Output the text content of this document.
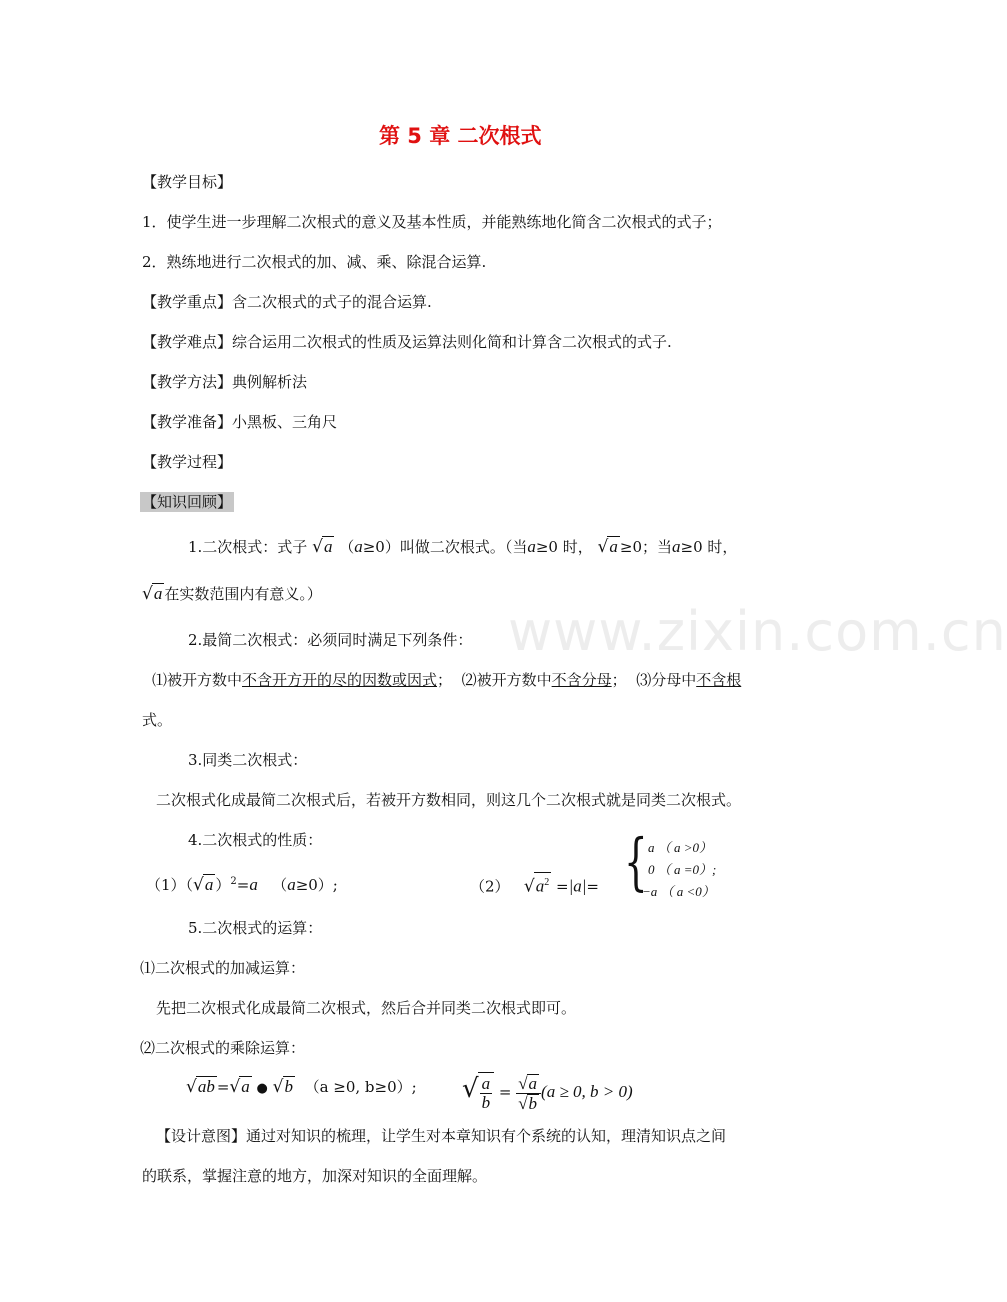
www.zixin.com.cn
第 5 章 二次根式
【教学目标】
1．使学生进一步理解二次根式的意义及基本性质，并能熟练地化简含二次根式的式子；
2．熟练地进行二次根式的加、减、乘、除混合运算.
【教学重点】含二次根式的式子的混合运算.
【教学难点】综合运用二次根式的性质及运算法则化简和计算含二次根式的式子.
【教学方法】典例解析法
【教学准备】小黑板、三角尺
【教学过程】
【知识回顾】
1.二次根式：式子 √a （a≥0）叫做二次根式。（当a≥0 时， √a ≥0；当a≥0 时，
√a 在实数范围内有意义。）
2.最简二次根式：必须同时满足下列条件：
⑴被开方数中不含开方开的尽的因数或因式； ⑵被开方数中不含分母； ⑶分母中不含根
式。
3.同类二次根式：
二次根式化成最简二次根式后，若被开方数相同，则这几个二次根式就是同类二次根式。
4.二次根式的性质：
（1）（√a ）$^2$=a （a≥0）;	（2） $√a^2 =|a|=$ { a （ a >0）
0 （ a =0）;
−a （ a <0）
5.二次根式的运算：
⑴二次根式的加减运算：
先把二次根式化成最简二次根式，然后合并同类二次根式即可。
⑵二次根式的乘除运算：
√ab =√a ● √b （a ≥0, b≥0）; √ $\frac{a}{b} = \frac{√a}{√b} (a \ge 0$, b > 0)
【设计意图】通过对知识的梳理，让学生对本章知识有个系统的认知，理清知识点之间
的联系，掌握注意的地方，加深对知识的全面理解。
